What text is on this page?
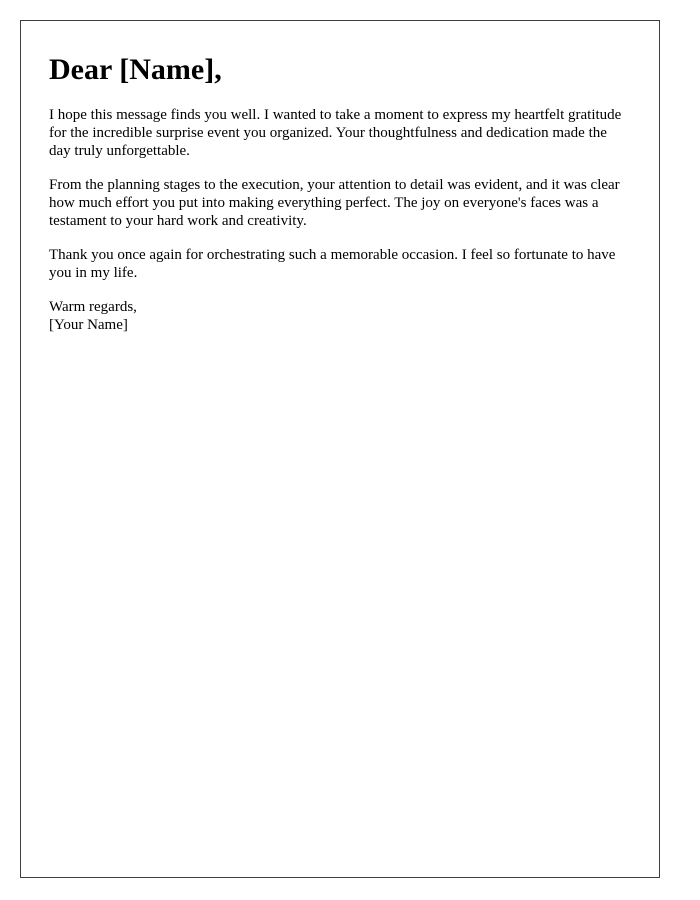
Dear [Name],

I hope this message finds you well. I wanted to take a moment to express my heartfelt gratitude for the incredible surprise event you organized. Your thoughtfulness and dedication made the day truly unforgettable.

From the planning stages to the execution, your attention to detail was evident, and it was clear how much effort you put into making everything perfect. The joy on everyone's faces was a testament to your hard work and creativity.

Thank you once again for orchestrating such a memorable occasion. I feel so fortunate to have you in my life.

Warm regards,
[Your Name]
